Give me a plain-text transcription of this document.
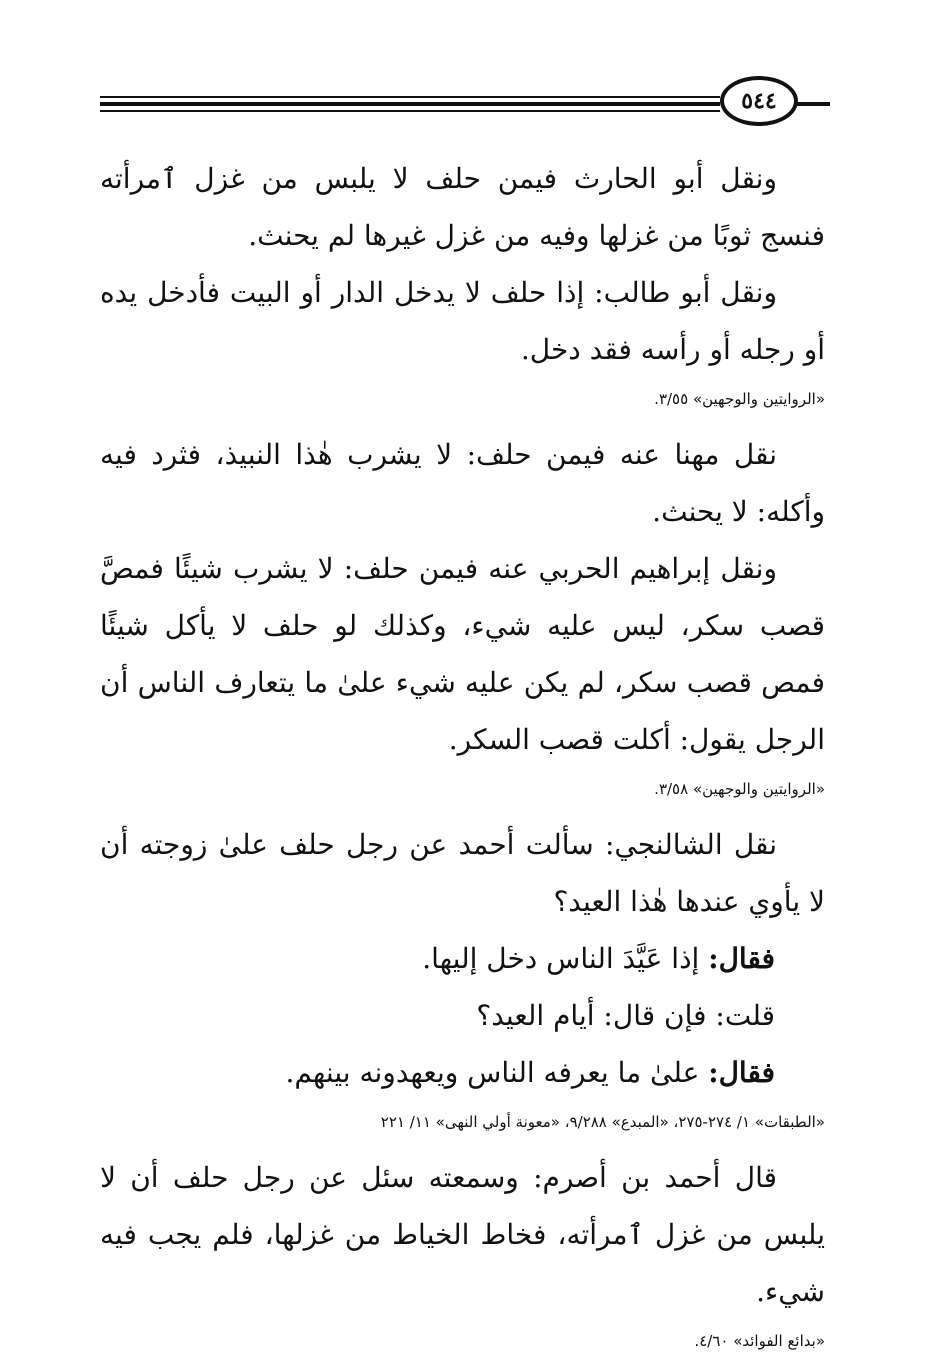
٥٤٤

ونقل أبو الحارث فيمن حلف لا يلبس من غزل ٱمرأته فنسج ثوبًا من غزلها وفيه من غزل غيرها لم يحنث.

ونقل أبو طالب: إذا حلف لا يدخل الدار أو البيت فأدخل يده أو رجله أو رأسه فقد دخل.

«الروايتين والوجهين» ٣/٥٥.

نقل مهنا عنه فيمن حلف: لا يشرب هٰذا النبيذ، فثرد فيه وأكله: لا يحنث.

ونقل إبراهيم الحربي عنه فيمن حلف: لا يشرب شيئًا فمصَّ قصب سكر، ليس عليه شيء، وكذلك لو حلف لا يأكل شيئًا فمص قصب سكر، لم يكن عليه شيء علىٰ ما يتعارف الناس أن الرجل يقول: أكلت قصب السكر.

«الروايتين والوجهين» ٣/٥٨.

نقل الشالنجي: سألت أحمد عن رجل حلف علىٰ زوجته أن لا يأوي عندها هٰذا العيد؟

فقال: إذا عَيَّدَ الناس دخل إليها.

قلت: فإن قال: أيام العيد؟

فقال: علىٰ ما يعرفه الناس ويعهدونه بينهم.

«الطبقات» ١/ ٢٧٤-٢٧٥، «المبدع» ٩/٢٨٨، «معونة أولي النهى» ١١/ ٢٢١

قال أحمد بن أصرم: وسمعته سئل عن رجل حلف أن لا يلبس من غزل ٱمرأته، فخاط الخياط من غزلها، فلم يجب فيه شيء.

«بدائع الفوائد» ٤/٦٠.
